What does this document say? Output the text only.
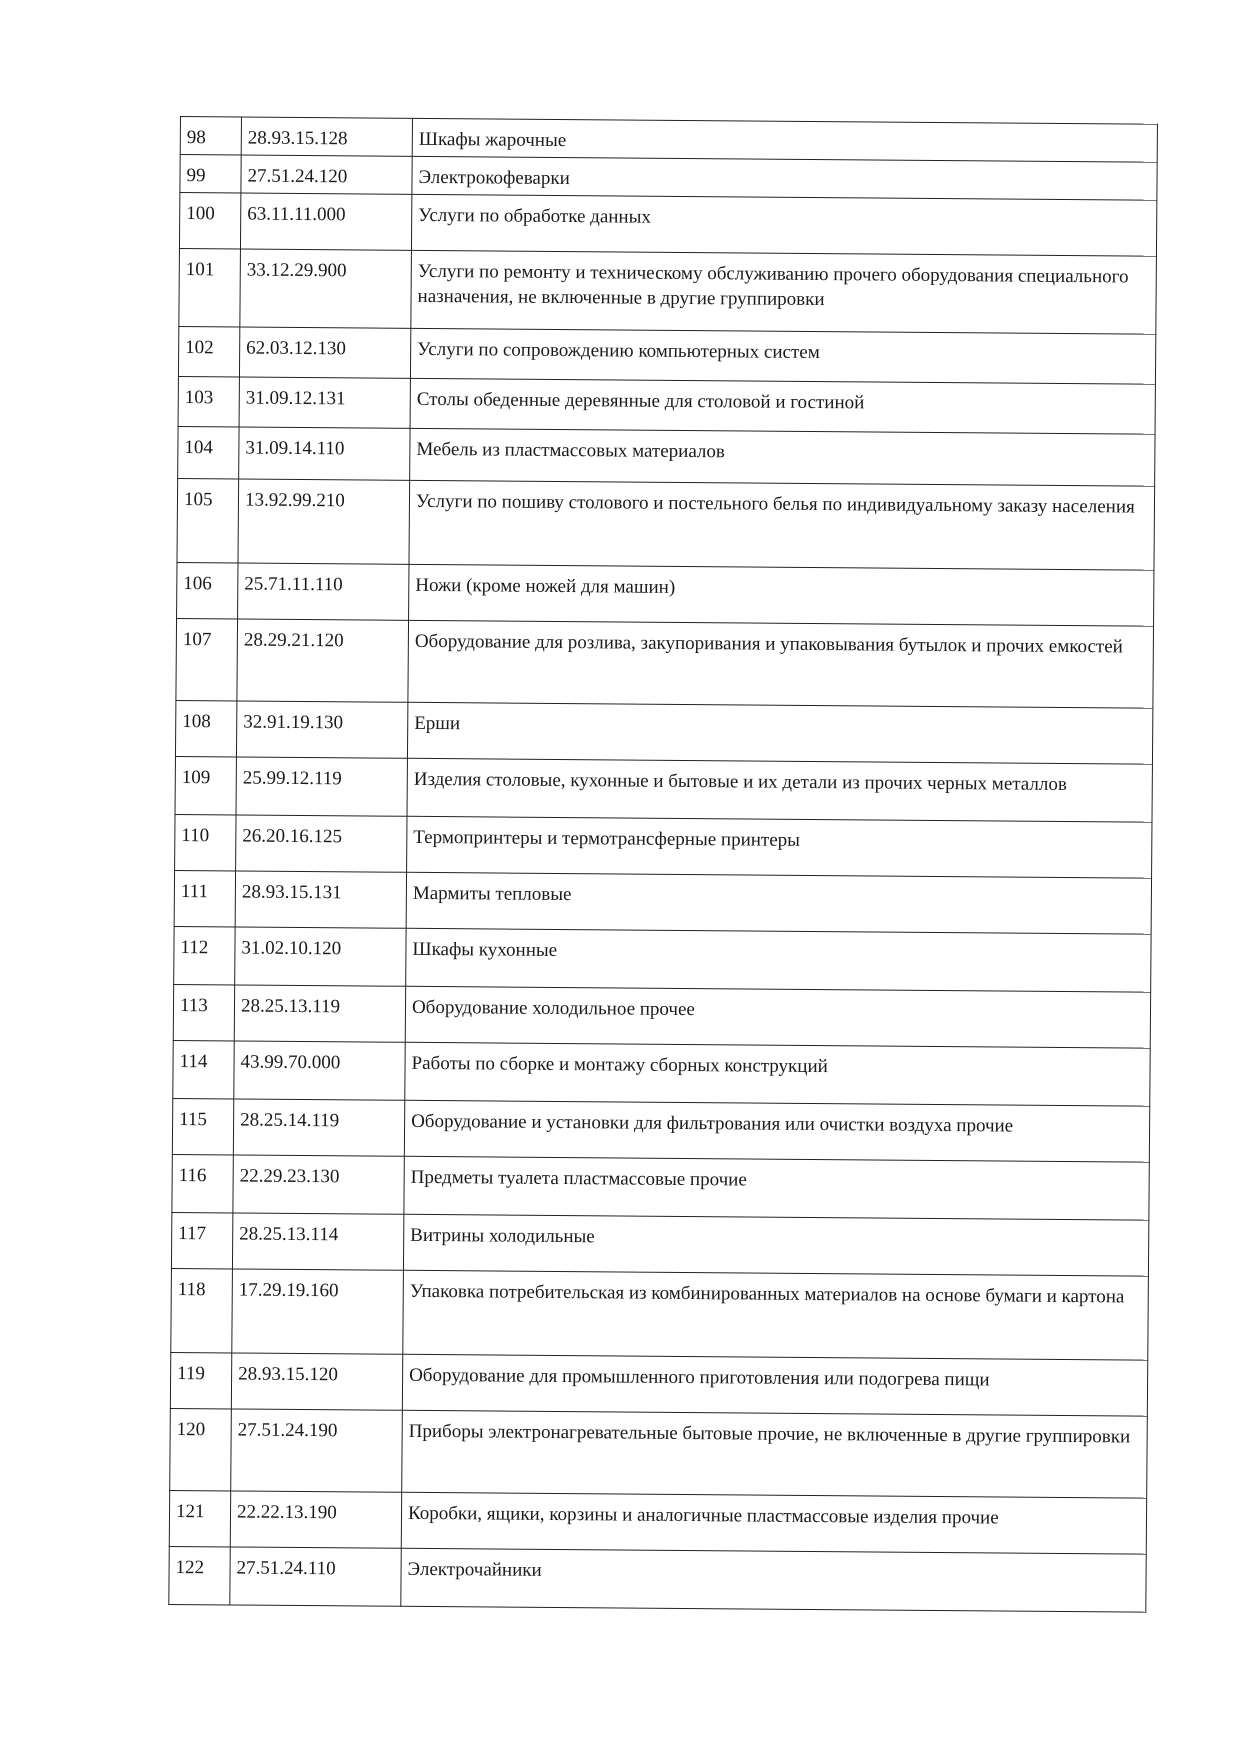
98	28.93.15.128	Шкафы жарочные
99	27.51.24.120	Электрокофеварки
100	63.11.11.000	Услуги по обработке данных
101	33.12.29.900	Услуги по ремонту и техническому обслуживанию прочего оборудования специального назначения, не включенные в другие группировки
102	62.03.12.130	Услуги по сопровождению компьютерных систем
103	31.09.12.131	Столы обеденные деревянные для столовой и гостиной
104	31.09.14.110	Мебель из пластмассовых материалов
105	13.92.99.210	Услуги по пошиву столового и постельного белья по индивидуальному заказу населения
106	25.71.11.110	Ножи (кроме ножей для машин)
107	28.29.21.120	Оборудование для розлива, закупоривания и упаковывания бутылок и прочих емкостей
108	32.91.19.130	Ерши
109	25.99.12.119	Изделия столовые, кухонные и бытовые и их детали из прочих черных металлов
110	26.20.16.125	Термопринтеры и термотрансферные принтеры
111	28.93.15.131	Мармиты тепловые
112	31.02.10.120	Шкафы кухонные
113	28.25.13.119	Оборудование холодильное прочее
114	43.99.70.000	Работы по сборке и монтажу сборных конструкций
115	28.25.14.119	Оборудование и установки для фильтрования или очистки воздуха прочие
116	22.29.23.130	Предметы туалета пластмассовые прочие
117	28.25.13.114	Витрины холодильные
118	17.29.19.160	Упаковка потребительская из комбинированных материалов на основе бумаги и картона
119	28.93.15.120	Оборудование для промышленного приготовления или подогрева пищи
120	27.51.24.190	Приборы электронагревательные бытовые прочие, не включенные в другие группировки
121	22.22.13.190	Коробки, ящики, корзины и аналогичные пластмассовые изделия прочие
122	27.51.24.110	Электрочайники
